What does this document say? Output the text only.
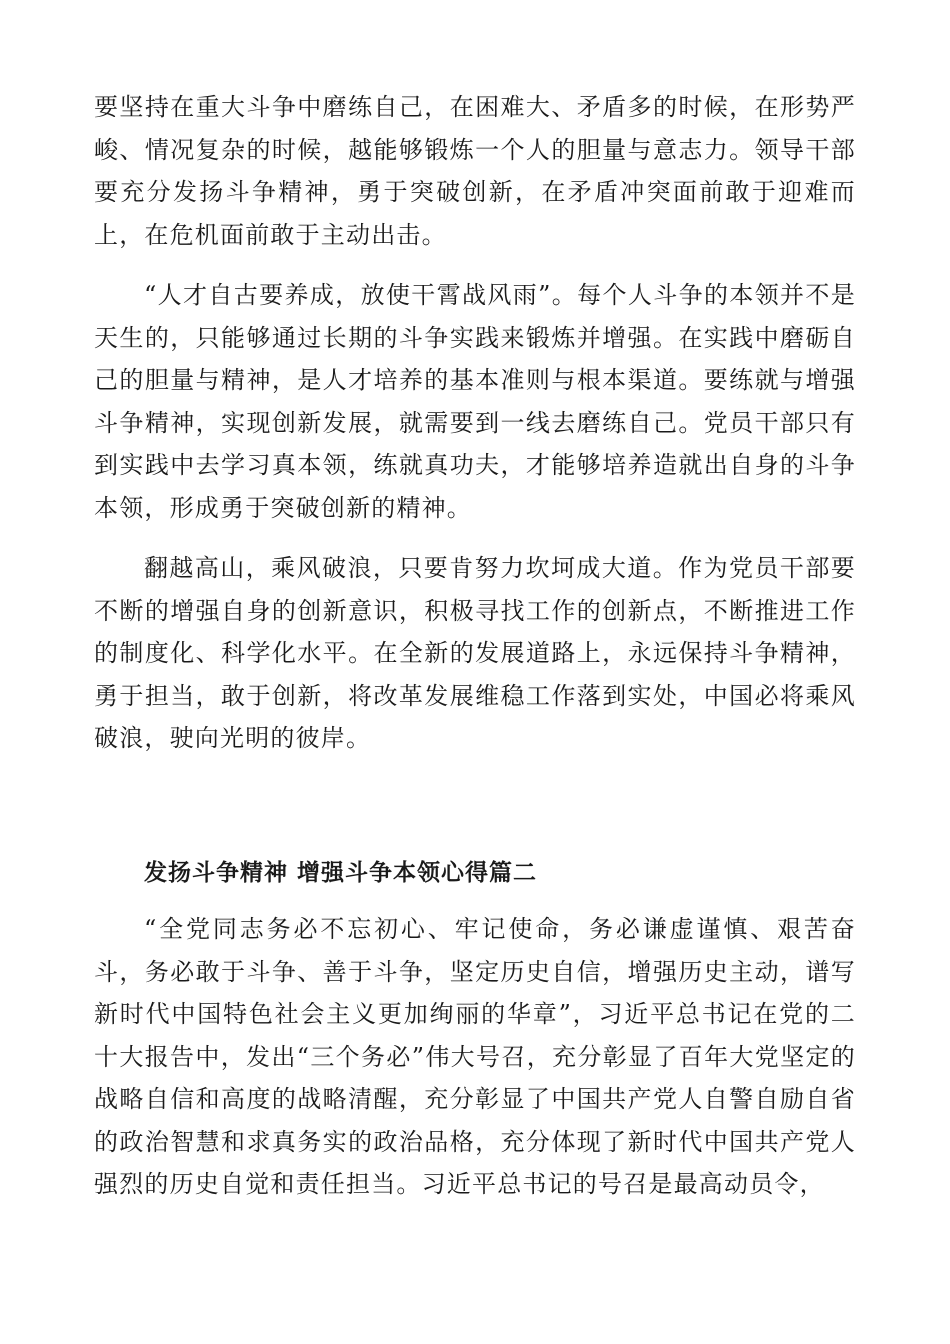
要坚持在重大斗争中磨练自己，在困难大、矛盾多的时候，在形势严峻、情况复杂的时候，越能够锻炼一个人的胆量与意志力。领导干部要充分发扬斗争精神，勇于突破创新，在矛盾冲突面前敢于迎难而上，在危机面前敢于主动出击。

“人才自古要养成，放使干霄战风雨”。每个人斗争的本领并不是天生的，只能够通过长期的斗争实践来锻炼并增强。在实践中磨砺自己的胆量与精神，是人才培养的基本准则与根本渠道。要练就与增强斗争精神，实现创新发展，就需要到一线去磨练自己。党员干部只有到实践中去学习真本领，练就真功夫，才能够培养造就出自身的斗争本领，形成勇于突破创新的精神。

翻越高山，乘风破浪，只要肯努力坎坷成大道。作为党员干部要不断的增强自身的创新意识，积极寻找工作的创新点，不断推进工作的制度化、科学化水平。在全新的发展道路上，永远保持斗争精神，勇于担当，敢于创新，将改革发展维稳工作落到实处，中国必将乘风破浪，驶向光明的彼岸。

发扬斗争精神 增强斗争本领心得篇二

“全党同志务必不忘初心、牢记使命，务必谦虚谨慎、艰苦奋斗，务必敢于斗争、善于斗争，坚定历史自信，增强历史主动，谱写新时代中国特色社会主义更加绚丽的华章”，习近平总书记在党的二十大报告中，发出“三个务必”伟大号召，充分彰显了百年大党坚定的战略自信和高度的战略清醒，充分彰显了中国共产党人自警自励自省的政治智慧和求真务实的政治品格，充分体现了新时代中国共产党人强烈的历史自觉和责任担当。习近平总书记的号召是最高动员令，
